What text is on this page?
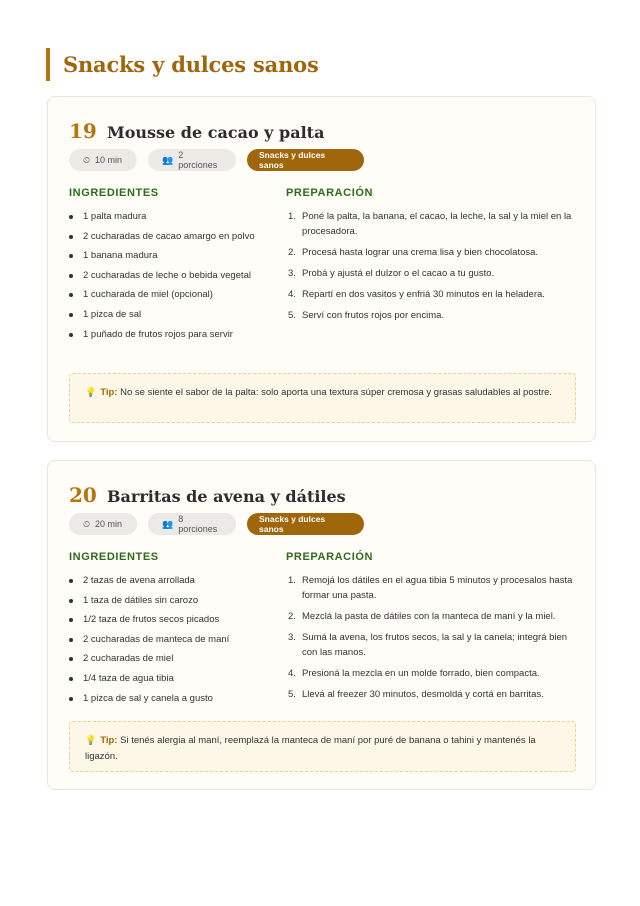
Snacks y dulces sanos
19 Mousse de cacao y palta
⏲ 10 min	👥 2 porciones
Snacks y dulces sanos
INGREDIENTES	PREPARACIÓN
1 palta madura
2 cucharadas de cacao amargo en polvo
1 banana madura
2 cucharadas de leche o bebida vegetal
1 cucharada de miel (opcional)
1 pizca de sal
1 puñado de frutos rojos para servir
1. Poné la palta, la banana, el cacao, la leche, la sal y la miel en la procesadora.
2. Procesá hasta lograr una crema lisa y bien chocolatosa.
3. Probá y ajustá el dulzor o el cacao a tu gusto.
4. Repartí en dos vasitos y enfriá 30 minutos en la heladera.
5. Serví con frutos rojos por encima.
💡 Tip: No se siente el sabor de la palta: solo aporta una textura súper cremosa y grasas saludables al postre.
20 Barritas de avena y dátiles
⏲ 20 min	👥 8 porciones
Snacks y dulces sanos
INGREDIENTES	PREPARACIÓN
2 tazas de avena arrollada
1 taza de dátiles sin carozo
1/2 taza de frutos secos picados
2 cucharadas de manteca de maní
2 cucharadas de miel
1/4 taza de agua tibia
1 pizca de sal y canela a gusto
1. Remojá los dátiles en el agua tibia 5 minutos y procesalos hasta formar una pasta.
2. Mezclá la pasta de dátiles con la manteca de maní y la miel.
3. Sumá la avena, los frutos secos, la sal y la canela; integrá bien con las manos.
4. Presioná la mezcla en un molde forrado, bien compacta.
5. Llevá al freezer 30 minutos, desmoldá y cortá en barritas.
💡 Tip: Si tenés alergia al maní, reemplazá la manteca de maní por puré de banana o tahini y mantenés la ligazón.
